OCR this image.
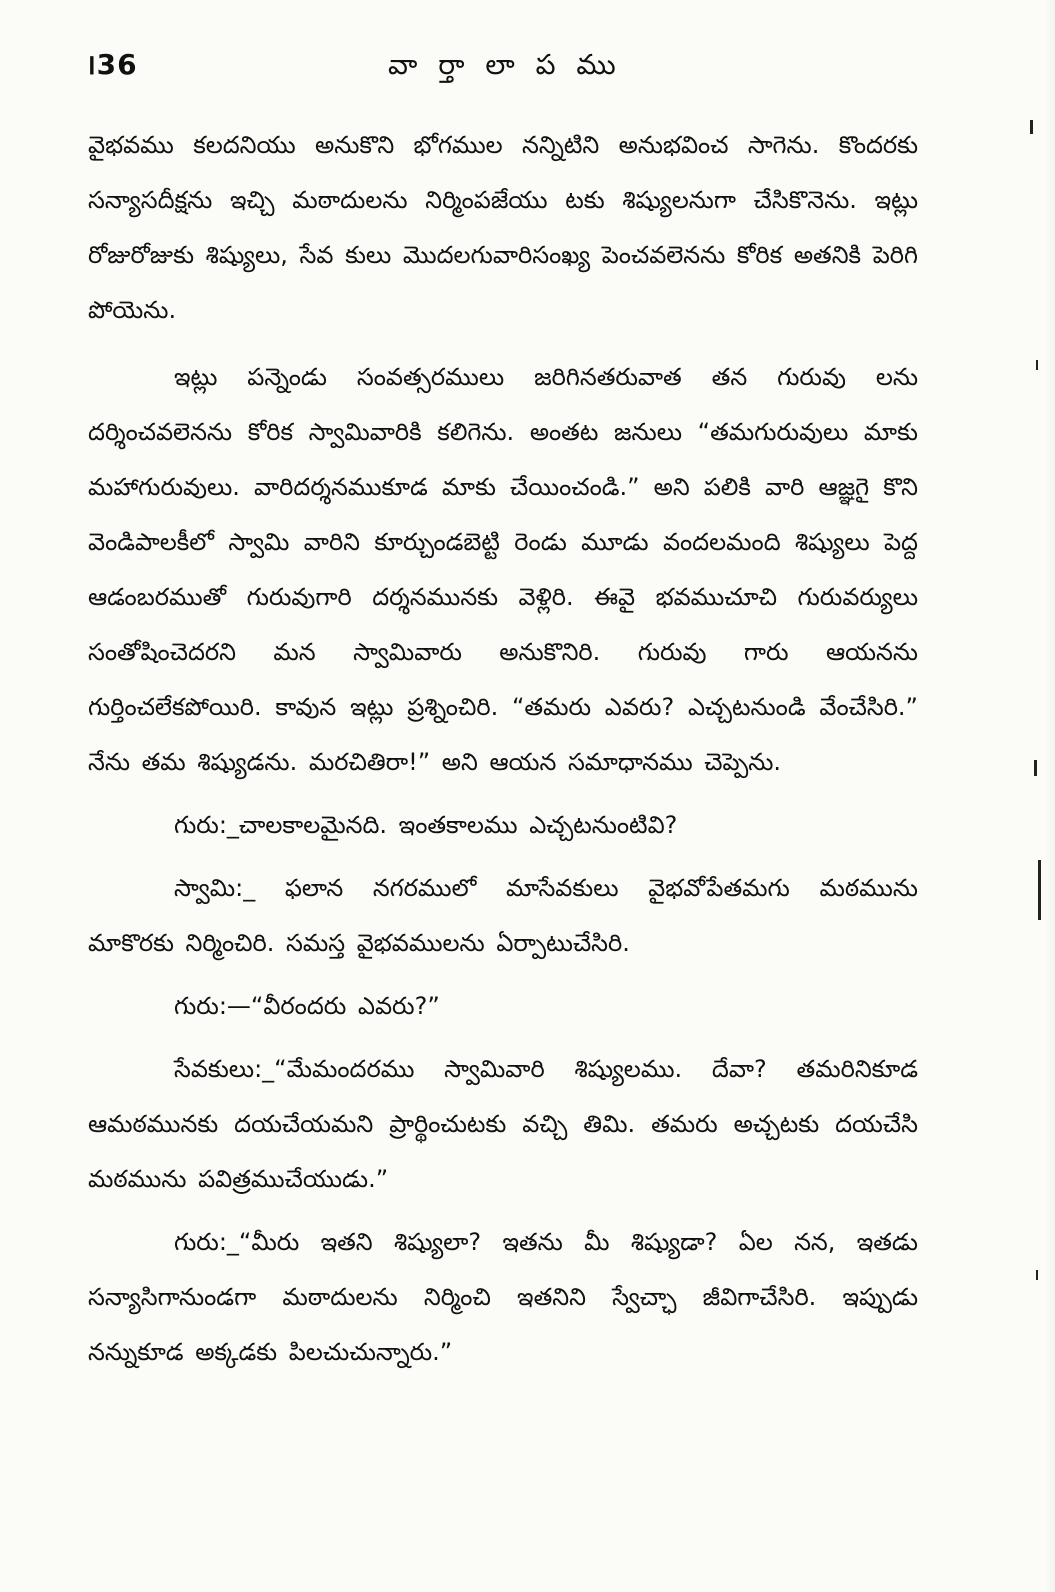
౹36	వా ర్తా లా ప ము

వైభవము కలదనియు అనుకొని భోగముల నన్నిటిని అనుభవించ సాగెను. కొందరకు సన్యాసదీక్షను ఇచ్చి మఠాదులను నిర్మింపజేయు టకు శిష్యులనుగా చేసికొనెను. ఇట్లు రోజురోజుకు శిష్యులు, సేవ కులు మొదలగువారిసంఖ్య పెంచవలెనను కోరిక అతనికి పెరిగి పోయెను.

ఇట్లు పన్నెండు సంవత్సరములు జరిగినతరువాత తన గురువు లను దర్శించవలెనను కోరిక స్వామివారికి కలిగెను. అంతట జనులు “తమగురువులు మాకు మహాగురువులు. వారిదర్శనముకూడ మాకు చేయించండి.” అని పలికి వారి ఆజ్ఞగై కొని వెండిపాలకీలో స్వామి వారిని కూర్చుండబెట్టి రెండు మూడు వందలమంది శిష్యులు పెద్ద ఆడంబరముతో గురువుగారి దర్శనమునకు వెళ్లిరి. ఈవై భవముచూచి గురువర్యులు సంతోషించెదరని మన స్వామివారు అనుకొనిరి. గురువు గారు ఆయనను గుర్తించలేకపోయిరి. కావున ఇట్లు ప్రశ్నించిరి. “తమరు ఎవరు? ఎచ్చటనుండి వేంచేసిరి.” నేను తమ శిష్యుడను. మరచితిరా!” అని ఆయన సమాధానము చెప్పెను.

గురు:_చాలకాలమైనది. ఇంతకాలము ఎచ్చటనుంటివి?

స్వామి:_ ఫలాన నగరములో మాసేవకులు వైభవోపేతమగు మఠమును మాకొరకు నిర్మించిరి. సమస్త వైభవములను ఏర్పాటుచేసిరి.

గురు:—“వీరందరు ఎవరు?”

సేవకులు:_“మేమందరము స్వామివారి శిష్యులము. దేవా? తమరినికూడ ఆమఠమునకు దయచేయమని ప్రార్థించుటకు వచ్చి తిమి. తమరు అచ్చటకు దయచేసి మఠమును పవిత్రముచేయుడు.”

గురు:_“మీరు ఇతని శిష్యులా? ఇతను మీ శిష్యుడా? ఏల నన, ఇతడు సన్యాసిగానుండగా మఠాదులను నిర్మించి ఇతనిని స్వేచ్ఛా జీవిగాచేసిరి. ఇప్పుడు నన్నుకూడ అక్కడకు పిలచుచున్నారు.”
